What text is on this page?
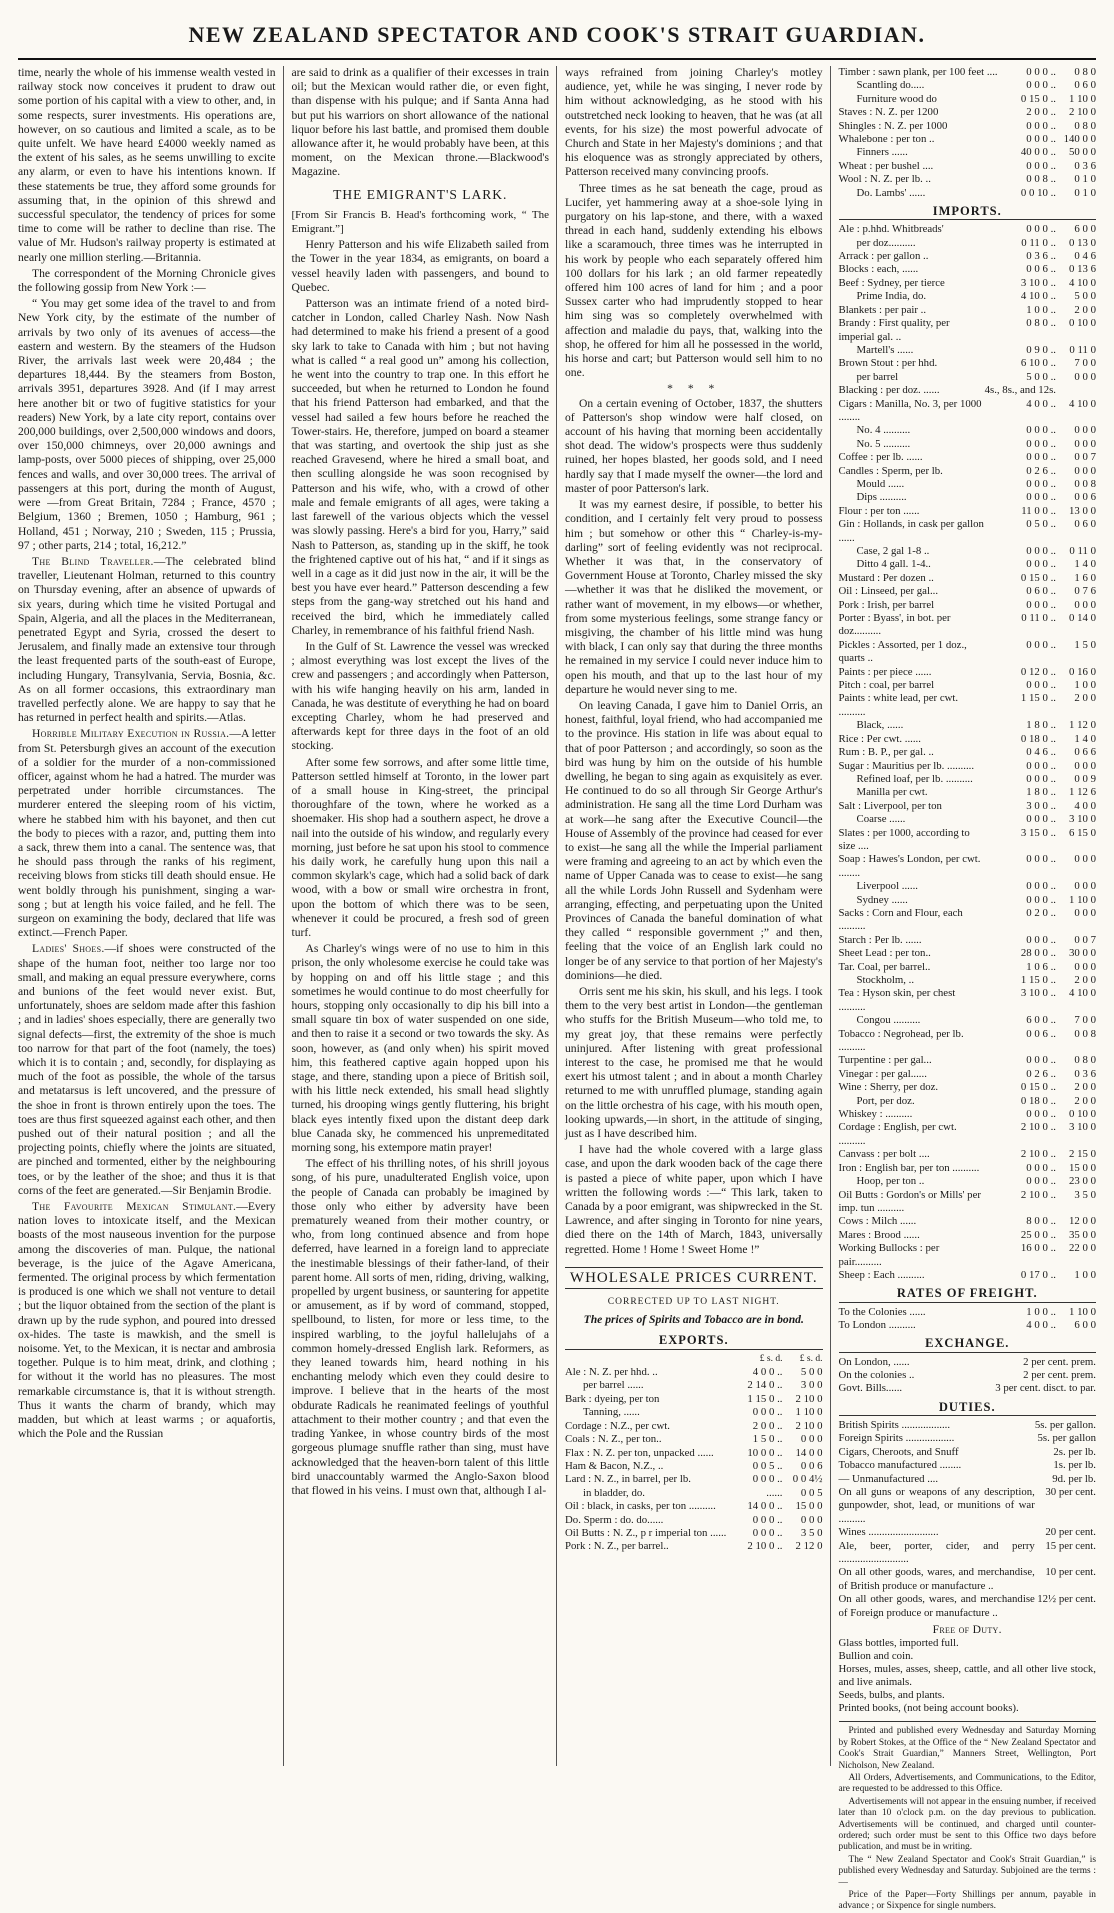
NEW ZEALAND SPECTATOR AND COOK'S STRAIT GUARDIAN.

time, nearly the whole of his immense wealth vested in railway stock now conceives it prudent to draw out some portion of his capital with a view to other, and, in some respects, surer investments. His operations are, however, on so cautious and limited a scale, as to be quite unfelt. We have heard £4000 weekly named as the extent of his sales, as he seems unwilling to excite any alarm, or even to have his intentions known. If these statements be true, they afford some grounds for assuming that, in the opinion of this shrewd and successful speculator, the tendency of prices for some time to come will be rather to decline than rise. The value of Mr. Hudson's railway property is estimated at nearly one million sterling.—Britannia.

The correspondent of the Morning Chronicle gives the following gossip from New York :—

“ You may get some idea of the travel to and from New York city, by the estimate of the number of arrivals by two only of its avenues of access—the eastern and western. By the steamers of the Hudson River, the arrivals last week were 20,484 ; the departures 18,444. By the steamers from Boston, arrivals 3951, departures 3928. And (if I may arrest here another bit or two of fugitive statistics for your readers) New York, by a late city report, contains over 200,000 buildings, over 2,500,000 windows and doors, over 150,000 chimneys, over 20,000 awnings and lamp-posts, over 5000 pieces of shipping, over 25,000 fences and walls, and over 30,000 trees. The arrival of passengers at this port, during the month of August, were —from Great Britain, 7284 ; France, 4570 ; Belgium, 1360 ; Bremen, 1050 ; Hamburg, 961 ; Holland, 451 ; Norway, 210 ; Sweden, 115 ; Prussia, 97 ; other parts, 214 ; total, 16,212.”

The Blind Traveller.—The celebrated blind traveller, Lieutenant Holman, returned to this country on Thursday evening, after an absence of upwards of six years, during which time he visited Portugal and Spain, Algeria, and all the places in the Mediterranean, penetrated Egypt and Syria, crossed the desert to Jerusalem, and finally made an extensive tour through the least frequented parts of the south-east of Europe, including Hungary, Transylvania, Servia, Bosnia, &c. As on all former occasions, this extraordinary man travelled perfectly alone. We are happy to say that he has returned in perfect health and spirits.—Atlas.

Horrible Military Execution in Russia.—A letter from St. Petersburgh gives an account of the execution of a soldier for the murder of a non-commissioned officer, against whom he had a hatred. The murder was perpetrated under horrible circumstances. The murderer entered the sleeping room of his victim, where he stabbed him with his bayonet, and then cut the body to pieces with a razor, and, putting them into a sack, threw them into a canal. The sentence was, that he should pass through the ranks of his regiment, receiving blows from sticks till death should ensue. He went boldly through his punishment, singing a war-song ; but at length his voice failed, and he fell. The surgeon on examining the body, declared that life was extinct.—French Paper.

Ladies' Shoes.—if shoes were constructed of the shape of the human foot, neither too large nor too small, and making an equal pressure everywhere, corns and bunions of the feet would never exist. But, unfortunately, shoes are seldom made after this fashion ; and in ladies' shoes especially, there are generally two signal defects—first, the extremity of the shoe is much too narrow for that part of the foot (namely, the toes) which it is to contain ; and, secondly, for displaying as much of the foot as possible, the whole of the tarsus and metatarsus is left uncovered, and the pressure of the shoe in front is thrown entirely upon the toes. The toes are thus first squeezed against each other, and then pushed out of their natural position ; and all the projecting points, chiefly where the joints are situated, are pinched and tormented, either by the neighbouring toes, or by the leather of the shoe; and thus it is that corns of the feet are generated.—Sir Benjamin Brodie.

The Favourite Mexican Stimulant.—Every nation loves to intoxicate itself, and the Mexican boasts of the most nauseous invention for the purpose among the discoveries of man. Pulque, the national beverage, is the juice of the Agave Americana, fermented. The original process by which fermentation is produced is one which we shall not venture to detail ; but the liquor obtained from the section of the plant is drawn up by the rude syphon, and poured into dressed ox-hides. The taste is mawkish, and the smell is noisome. Yet, to the Mexican, it is nectar and ambrosia together. Pulque is to him meat, drink, and clothing ; for without it the world has no pleasures. The most remarkable circumstance is, that it is without strength. Thus it wants the charm of brandy, which may madden, but which at least warms ; or aquafortis, which the Pole and the Russian

are said to drink as a qualifier of their excesses in train oil; but the Mexican would rather die, or even fight, than dispense with his pulque; and if Santa Anna had but put his warriors on short allowance of the national liquor before his last battle, and promised them double allowance after it, he would probably have been, at this moment, on the Mexican throne.—Blackwood's Magazine.

THE EMIGRANT'S LARK.

[From Sir Francis B. Head's forthcoming work, “ The Emigrant.”]

Henry Patterson and his wife Elizabeth sailed from the Tower in the year 1834, as emigrants, on board a vessel heavily laden with passengers, and bound to Quebec.

Patterson was an intimate friend of a noted bird-catcher in London, called Charley Nash. Now Nash had determined to make his friend a present of a good sky lark to take to Canada with him ; but not having what is called “ a real good un” among his collection, he went into the country to trap one. In this effort he succeeded, but when he returned to London he found that his friend Patterson had embarked, and that the vessel had sailed a few hours before he reached the Tower-stairs. He, therefore, jumped on board a steamer that was starting, and overtook the ship just as she reached Gravesend, where he hired a small boat, and then sculling alongside he was soon recognised by Patterson and his wife, who, with a crowd of other male and female emigrants of all ages, were taking a last farewell of the various objects which the vessel was slowly passing. Here's a bird for you, Harry,” said Nash to Patterson, as, standing up in the skiff, he took the frightened captive out of his hat, “ and if it sings as well in a cage as it did just now in the air, it will be the best you have ever heard.” Patterson descending a few steps from the gang-way stretched out his hand and received the bird, which he immediately called Charley, in remembrance of his faithful friend Nash.

In the Gulf of St. Lawrence the vessel was wrecked ; almost everything was lost except the lives of the crew and passengers ; and accordingly when Patterson, with his wife hanging heavily on his arm, landed in Canada, he was destitute of everything he had on board excepting Charley, whom he had preserved and afterwards kept for three days in the foot of an old stocking.

After some few sorrows, and after some little time, Patterson settled himself at Toronto, in the lower part of a small house in King-street, the principal thoroughfare of the town, where he worked as a shoemaker. His shop had a southern aspect, he drove a nail into the outside of his window, and regularly every morning, just before he sat upon his stool to commence his daily work, he carefully hung upon this nail a common skylark's cage, which had a solid back of dark wood, with a bow or small wire orchestra in front, upon the bottom of which there was to be seen, whenever it could be procured, a fresh sod of green turf.

As Charley's wings were of no use to him in this prison, the only wholesome exercise he could take was by hopping on and off his little stage ; and this sometimes he would continue to do most cheerfully for hours, stopping only occasionally to dip his bill into a small square tin box of water suspended on one side, and then to raise it a second or two towards the sky. As soon, however, as (and only when) his spirit moved him, this feathered captive again hopped upon his stage, and there, standing upon a piece of British soil, with his little neck extended, his small head slightly turned, his drooping wings gently fluttering, his bright black eyes intently fixed upon the distant deep dark blue Canada sky, he commenced his unpremeditated morning song, his extempore matin prayer!

The effect of his thrilling notes, of his shrill joyous song, of his pure, unadulterated English voice, upon the people of Canada can probably be imagined by those only who either by adversity have been prematurely weaned from their mother country, or who, from long continued absence and from hope deferred, have learned in a foreign land to appreciate the inestimable blessings of their father-land, of their parent home. All sorts of men, riding, driving, walking, propelled by urgent business, or sauntering for appetite or amusement, as if by word of command, stopped, spellbound, to listen, for more or less time, to the inspired warbling, to the joyful hallelujahs of a common homely-dressed English lark. Reformers, as they leaned towards him, heard nothing in his enchanting melody which even they could desire to improve. I believe that in the hearts of the most obdurate Radicals he reanimated feelings of youthful attachment to their mother country ; and that even the trading Yankee, in whose country birds of the most gorgeous plumage snuffle rather than sing, must have acknowledged that the heaven-born talent of this little bird unaccountably warmed the Anglo-Saxon blood that flowed in his veins. I must own that, although I al-

ways refrained from joining Charley's motley audience, yet, while he was singing, I never rode by him without acknowledging, as he stood with his outstretched neck looking to heaven, that he was (at all events, for his size) the most powerful advocate of Church and State in her Majesty's dominions ; and that his eloquence was as strongly appreciated by others, Patterson received many convincing proofs.

Three times as he sat beneath the cage, proud as Lucifer, yet hammering away at a shoe-sole lying in purgatory on his lap-stone, and there, with a waxed thread in each hand, suddenly extending his elbows like a scaramouch, three times was he interrupted in his work by people who each separately offered him 100 dollars for his lark ; an old farmer repeatedly offered him 100 acres of land for him ; and a poor Sussex carter who had imprudently stopped to hear him sing was so completely overwhelmed with affection and maladie du pays, that, walking into the shop, he offered for him all he possessed in the world, his horse and cart; but Patterson would sell him to no one.

* * *

On a certain evening of October, 1837, the shutters of Patterson's shop window were half closed, on account of his having that morning been accidentally shot dead. The widow's prospects were thus suddenly ruined, her hopes blasted, her goods sold, and I need hardly say that I made myself the owner—the lord and master of poor Patterson's lark.

It was my earnest desire, if possible, to better his condition, and I certainly felt very proud to possess him ; but somehow or other this “ Charley-is-my-darling” sort of feeling evidently was not reciprocal. Whether it was that, in the conservatory of Government House at Toronto, Charley missed the sky—whether it was that he disliked the movement, or rather want of movement, in my elbows—or whether, from some mysterious feelings, some strange fancy or misgiving, the chamber of his little mind was hung with black, I can only say that during the three months he remained in my service I could never induce him to open his mouth, and that up to the last hour of my departure he would never sing to me.

On leaving Canada, I gave him to Daniel Orris, an honest, faithful, loyal friend, who had accompanied me to the province. His station in life was about equal to that of poor Patterson ; and accordingly, so soon as the bird was hung by him on the outside of his humble dwelling, he began to sing again as exquisitely as ever. He continued to do so all through Sir George Arthur's administration. He sang all the time Lord Durham was at work—he sang after the Executive Council—the House of Assembly of the province had ceased for ever to exist—he sang all the while the Imperial parliament were framing and agreeing to an act by which even the name of Upper Canada was to cease to exist—he sang all the while Lords John Russell and Sydenham were arranging, effecting, and perpetuating upon the United Provinces of Canada the baneful domination of what they called “ responsible government ;” and then, feeling that the voice of an English lark could no longer be of any service to that portion of her Majesty's dominions—he died.

Orris sent me his skin, his skull, and his legs. I took them to the very best artist in London—the gentleman who stuffs for the British Museum—who told me, to my great joy, that these remains were perfectly uninjured. After listening with great professional interest to the case, he promised me that he would exert his utmost talent ; and in about a month Charley returned to me with unruffled plumage, standing again on the little orchestra of his cage, with his mouth open, looking upwards,—in short, in the attitude of singing, just as I have described him.

I have had the whole covered with a large glass case, and upon the dark wooden back of the cage there is pasted a piece of white paper, upon which I have written the following words :—“ This lark, taken to Canada by a poor emigrant, was shipwrecked in the St. Lawrence, and after singing in Toronto for nine years, died there on the 14th of March, 1843, universally regretted. Home ! Home ! Sweet Home !”

WHOLESALE PRICES CURRENT.
CORRECTED UP TO LAST NIGHT.
The prices of Spirits and Tobacco are in bond.
EXPORTS.
	£ s. d.	£ s. d.
Ale : N. Z. per hhd. ..	4 0 0 ..	5 0 0
per barrel ......	2 14 0 ..	3 0 0
Bark : dyeing, per ton	1 15 0 ..	2 10 0
Tanning, ......	0 0 0 ..	1 10 0
Cordage : N.Z., per cwt.	2 0 0 ..	2 10 0
Coals : N. Z., per ton..	1 5 0 ..	0 0 0
Flax : N. Z. per ton, unpacked ......	10 0 0 ..	14 0 0
Ham & Bacon, N.Z., ..	0 0 5 ..	0 0 6
Lard : N. Z., in barrel, per lb.	0 0 0 ..	0 0 4½
in bladder, do.	......	0 0 5
Oil : black, in casks, per ton ..........	14 0 0 ..	15 0 0
Do. Sperm : do. do......	0 0 0 ..	0 0 0
Oil Butts : N. Z., p r imperial ton ......	0 0 0 ..	3 5 0
Pork : N. Z., per barrel..	2 10 0 ..	2 12 0
Timber : sawn plank, per 100 feet ....	0 0 0 ..	0 8 0
Scantling do.....	0 0 0 ..	0 6 0
Furniture wood do	0 15 0 ..	1 10 0
Staves : N. Z. per 1200	2 0 0 ..	2 10 0
Shingles : N. Z. per 1000	0 0 0 ..	0 8 0
Whalebone : per ton ..	0 0 0 ..	140 0 0
Finners ......	40 0 0 ..	50 0 0
Wheat : per bushel ....	0 0 0 ..	0 3 6
Wool : N. Z. per lb. ..	0 0 8 ..	0 1 0
Do. Lambs' ......	0 0 10 ..	0 1 0
IMPORTS.
Ale : p.hhd. Whitbreads'	0 0 0 ..	6 0 0
per doz..........	0 11 0 ..	0 13 0
Arrack : per gallon ..	0 3 6 ..	0 4 6
Blocks : each, ......	0 0 6 ..	0 13 6
Beef : Sydney, per tierce	3 10 0 ..	4 10 0
Prime India, do.	4 10 0 ..	5 0 0
Blankets : per pair ..	1 0 0 ..	2 0 0
Brandy : First quality, per imperial gal. ..	0 8 0 ..	0 10 0
Martell's ......	0 9 0 ..	0 11 0
Brown Stout : per hhd.	6 10 0 ..	7 0 0
per barrel	5 0 0 ..	0 0 0
Blacking : per doz. ......	4s., 8s., and 12s.	
Cigars : Manilla, No. 3, per 1000 ........	4 0 0 ..	4 10 0
No. 4 ..........	0 0 0 ..	0 0 0
No. 5 ..........	0 0 0 ..	0 0 0
Coffee : per lb. ......	0 0 0 ..	0 0 7
Candles : Sperm, per lb.	0 2 6 ..	0 0 0
Mould ......	0 0 0 ..	0 0 8
Dips ..........	0 0 0 ..	0 0 6
Flour : per ton ......	11 0 0 ..	13 0 0
Gin : Hollands, in cask per gallon ......	0 5 0 ..	0 6 0
Case, 2 gal 1-8 ..	0 0 0 ..	0 11 0
Ditto 4 gall. 1-4..	0 0 0 ..	1 4 0
Mustard : Per dozen ..	0 15 0 ..	1 6 0
Oil : Linseed, per gal...	0 6 0 ..	0 7 6
Pork : Irish, per barrel	0 0 0 ..	0 0 0
Porter : Byass', in bot. per doz..........	0 11 0 ..	0 14 0
Pickles : Assorted, per 1 doz., quarts ..	0 0 0 ..	1 5 0
Paints : per piece ......	0 12 0 ..	0 16 0
Pitch : coal, per barrel	0 0 0 ..	1 0 0
Paints : white lead, per cwt. ..........	1 15 0 ..	2 0 0
Black, ......	1 8 0 ..	1 12 0
Rice : Per cwt. ......	0 18 0 ..	1 4 0
Rum : B. P., per gal. ..	0 4 6 ..	0 6 6
Sugar : Mauritius per lb. ..........	0 0 0 ..	0 0 0
Refined loaf, per lb. ..........	0 0 0 ..	0 0 9
Manilla per cwt.	1 8 0 ..	1 12 6
Salt : Liverpool, per ton	3 0 0 ..	4 0 0
Coarse ......	0 0 0 ..	3 10 0
Slates : per 1000, according to size ....	3 15 0 ..	6 15 0
Soap : Hawes's London, per cwt. ........	0 0 0 ..	0 0 0
Liverpool ......	0 0 0 ..	0 0 0
Sydney ......	0 0 0 ..	1 10 0
Sacks : Corn and Flour, each ..........	0 2 0 ..	0 0 0
Starch : Per lb. ......	0 0 0 ..	0 0 7
Sheet Lead : per ton..	28 0 0 ..	30 0 0
Tar. Coal, per barrel..	1 0 6 ..	0 0 0
Stockholm, ..	1 15 0 ..	2 0 0
Tea : Hyson skin, per chest ..........	3 10 0 ..	4 10 0
Congou ..........	6 0 0 ..	7 0 0
Tobacco : Negrohead, per lb. ..........	0 0 6 ..	0 0 8
Turpentine : per gal...	0 0 0 ..	0 8 0
Vinegar : per gal......	0 2 6 ..	0 3 6
Wine : Sherry, per doz.	0 15 0 ..	2 0 0
Port, per doz.	0 18 0 ..	2 0 0
Whiskey : ..........	0 0 0 ..	0 10 0
Cordage : English, per cwt. ..........	2 10 0 ..	3 10 0
Canvass : per bolt ....	2 10 0 ..	2 15 0
Iron : English bar, per ton ..........	0 0 0 ..	15 0 0
Hoop, per ton ..	0 0 0 ..	23 0 0
Oil Butts : Gordon's or Mills' per imp. tun ..........	2 10 0 ..	3 5 0
Cows : Milch ......	8 0 0 ..	12 0 0
Mares : Brood ......	25 0 0 ..	35 0 0
Working Bullocks : per pair..........	16 0 0 ..	22 0 0
Sheep : Each ..........	0 17 0 ..	1 0 0
RATES OF FREIGHT.
To the Colonies ......	1 0 0 ..	1 10 0
To London ..........	4 0 0 ..	6 0 0
EXCHANGE.
On London, ......	2 per cent. prem.
On the colonies ..	2 per cent. prem.
Govt. Bills......	3 per cent. disct. to par.
DUTIES.
British Spirits ..................	5s. per gallon.
Foreign Spirits ..................	5s. per gallon
Cigars, Cheroots, and Snuff	2s. per lb.
Tobacco manufactured ........	1s. per lb.
— Unmanufactured ....	9d. per lb.
On all guns or weapons of any description, gunpowder, shot, lead, or munitions of war ..........	30 per cent.
Wines ..........................	20 per cent.
Ale, beer, porter, cider, and perry ..........................	15 per cent.
On all other goods, wares, and merchandise, of British produce or manufacture ..	10 per cent.
On all other goods, wares, and merchandise of Foreign produce or manufacture ..	12½ per cent.
Free of Duty.
Glass bottles, imported full.
Bullion and coin.
Horses, mules, asses, sheep, cattle, and all other live stock, and live animals.
Seeds, bulbs, and plants.
Printed books, (not being account books).

Printed and published every Wednesday and Saturday Morning by Robert Stokes, at the Office of the “ New Zealand Spectator and Cook's Strait Guardian,” Manners Street, Wellington, Port Nicholson, New Zealand.

All Orders, Advertisements, and Communications, to the Editor, are requested to be addressed to this Office.

Advertisements will not appear in the ensuing number, if received later than 10 o'clock p.m. on the day previous to publication. Advertisements will be continued, and charged until counter-ordered; such order must be sent to this Office two days before publication, and must be in writing.

The “ New Zealand Spectator and Cook's Strait Guardian,” is published every Wednesday and Saturday. Subjoined are the terms :—

Price of the Paper—Forty Shillings per annum, payable in advance ; or Sixpence for single numbers.
